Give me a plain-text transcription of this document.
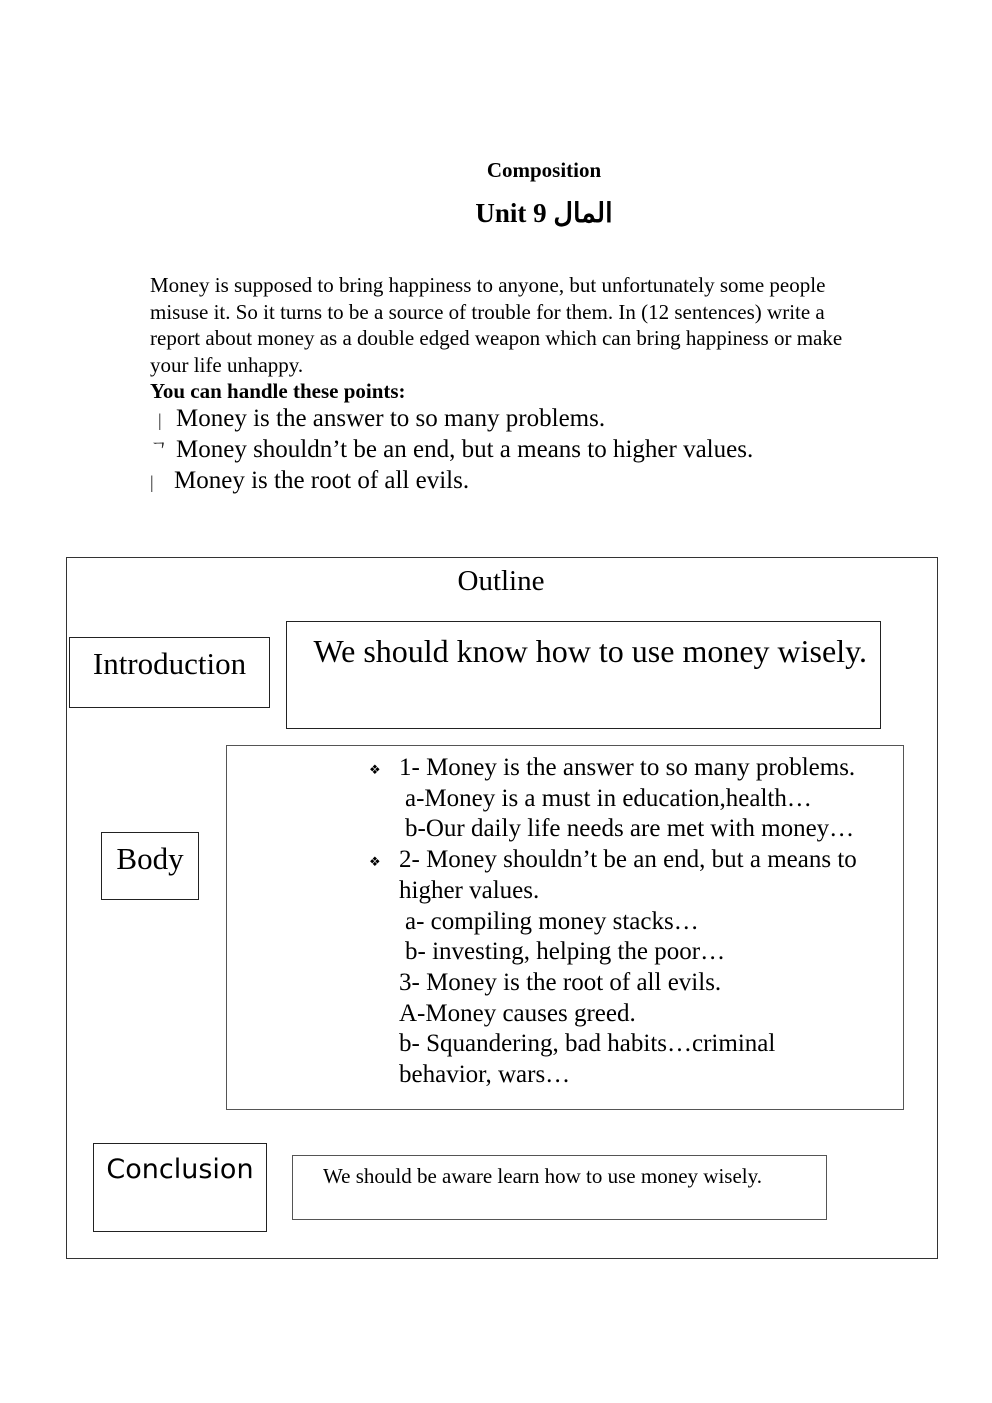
Composition
Unit 9 المال
Money is supposed to bring happiness to anyone, but unfortunately some people misuse it. So it turns to be a source of trouble for them. In (12 sentences) write a report about money as a double edged weapon which can bring happiness or make your life unhappy.
You can handle these points:
| Money is the answer to so many problems.
ᄀ Money shouldn’t be an end, but a means to higher values.
| Money is the root of all evils.
Outline
Introduction	We should know how to use money wisely.
Body
❖ 1- Money is the answer to so many problems.
a-Money is a must in education,health…
b-Our daily life needs are met with money…
❖ 2- Money shouldn’t be an end, but a means to
higher values.
a- compiling money stacks…
b- investing, helping the poor…
3- Money is the root of all evils.
A-Money causes greed.
b- Squandering, bad habits…criminal
behavior, wars…
Conclusion	We should be aware learn how to use money wisely.
